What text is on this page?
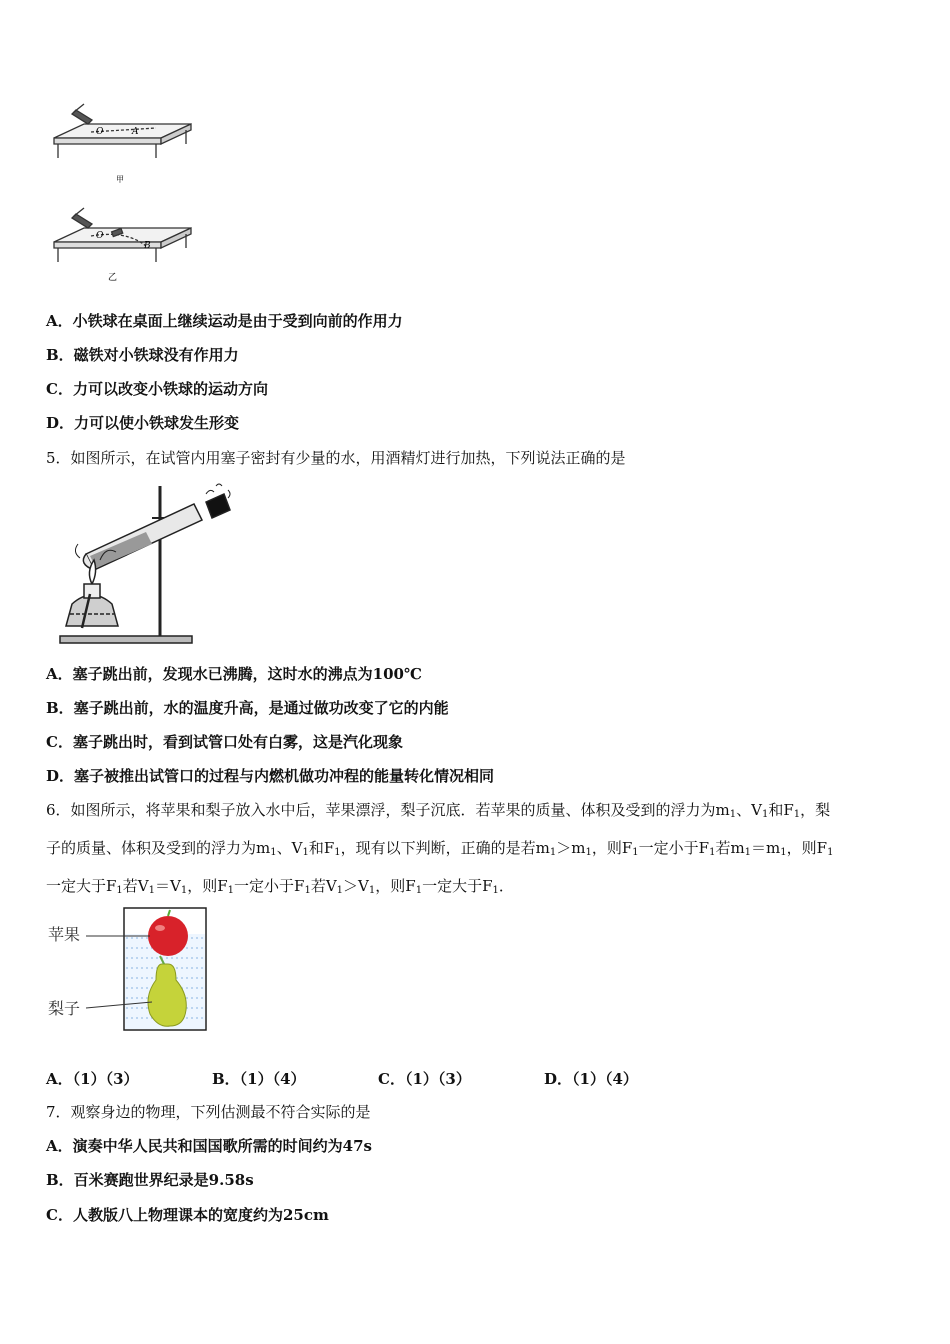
O	A
甲
O
B
乙
A．小铁球在桌面上继续运动是由于受到向前的作用力
B．磁铁对小铁球没有作用力
C．力可以改变小铁球的运动方向
D．力可以使小铁球发生形变
5．如图所示，在试管内用塞子密封有少量的水，用酒精灯进行加热，下列说法正确的是
A．塞子跳出前，发现水已沸腾，这时水的沸点为100℃
B．塞子跳出前，水的温度升高，是通过做功改变了它的内能
C．塞子跳出时，看到试管口处有白雾，这是汽化现象
D．塞子被推出试管口的过程与内燃机做功冲程的能量转化情况相同
6．如图所示，将苹果和梨子放入水中后，苹果漂浮，梨子沉底．若苹果的质量、体积及受到的浮力为$m_1$、$V_1$和$F_1$，梨
子的质量、体积及受到的浮力为$m_1$、$V_1$和$F_1$，现有以下判断，正确的是若$m_1>m_1$，则$F_1$一定小于$F_1$若$m_1=m_1$，则$F_1$
一定大于$F_1$若$V_1=V_1$，则$F_1$一定小于$F_1$若$V_1>V_1$，则$F_1$一定大于$F_1$．
苹果
梨子
A．（1）（3）	B．（1）（4）	C．（1）（3）	D．（1）（4）
7．观察身边的物理，下列估测最不符合实际的是
A．演奏中华人民共和国国歌所需的时间约为47s
B．百米赛跑世界纪录是9.58s
C．人教版八上物理课本的宽度约为25cm
